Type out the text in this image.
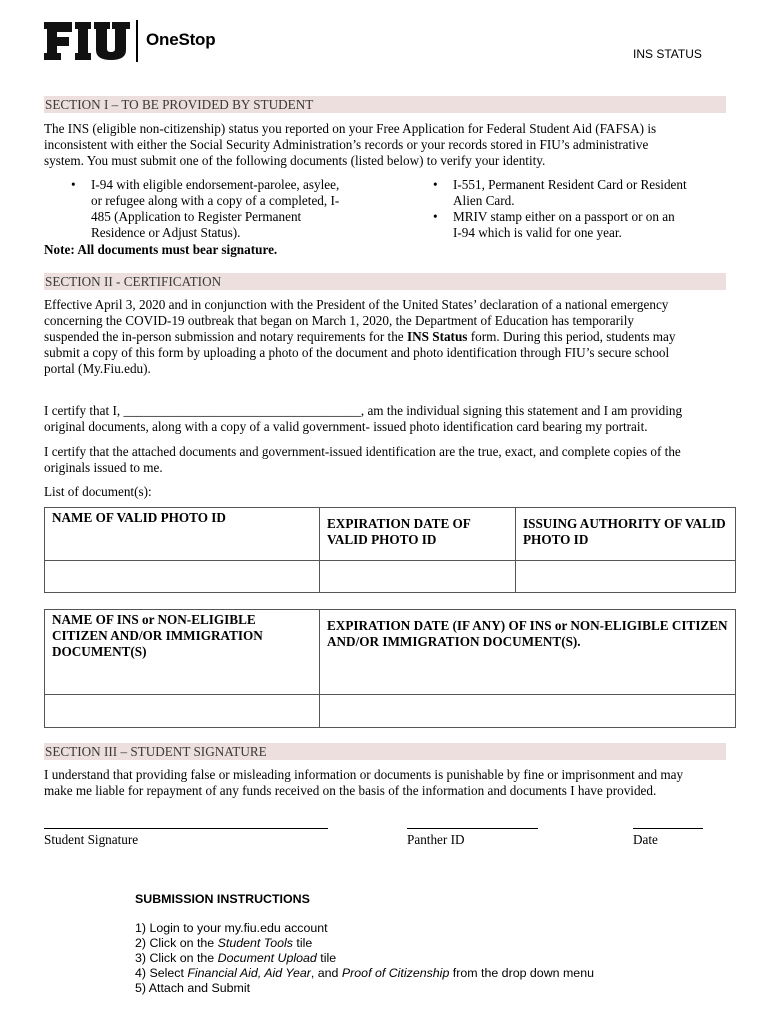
OneStop
INS STATUS
SECTION I – TO BE PROVIDED BY STUDENT
The INS (eligible non-citizenship) status you reported on your Free Application for Federal Student Aid (FAFSA) is
inconsistent with either the Social Security Administration’s records or your records stored in FIU’s administrative
system. You must submit one of the following documents (listed below) to verify your identity.
• I-94 with eligible endorsement-parolee, asylee,
or refugee along with a copy of a completed, I-
485 (Application to Register Permanent
Residence or Adjust Status).
• I-551, Permanent Resident Card or Resident
Alien Card.
• MRIV stamp either on a passport or on an
I-94 which is valid for one year.
Note: All documents must bear signature.
SECTION II - CERTIFICATION
Effective April 3, 2020 and in conjunction with the President of the United States’ declaration of a national emergency
concerning the COVID-19 outbreak that began on March 1, 2020, the Department of Education has temporarily
suspended the in-person submission and notary requirements for the INS Status form. During this period, students may
submit a copy of this form by uploading a photo of the document and photo identification through FIU’s secure school
portal (My.Fiu.edu).
I certify that I, ____________________________________, am the individual signing this statement and I am providing
original documents, along with a copy of a valid government- issued photo identification card bearing my portrait.
I certify that the attached documents and government-issued identification are the true, exact, and complete copies of the
originals issued to me.
List of document(s):
NAME OF VALID PHOTO ID	EXPIRATION DATE OF VALID PHOTO ID	ISSUING AUTHORITY OF VALID PHOTO ID

NAME OF INS or NON-ELIGIBLE CITIZEN AND/OR IMMIGRATION DOCUMENT(S)	EXPIRATION DATE (IF ANY) OF INS or NON-ELIGIBLE CITIZEN AND/OR IMMIGRATION DOCUMENT(S).

SECTION III – STUDENT SIGNATURE
I understand that providing false or misleading information or documents is punishable by fine or imprisonment and may
make me liable for repayment of any funds received on the basis of the information and documents I have provided.
Student Signature	Panther ID	Date
SUBMISSION INSTRUCTIONS
1) Login to your my.fiu.edu account
2) Click on the Student Tools tile
3) Click on the Document Upload tile
4) Select Financial Aid, Aid Year, and Proof of Citizenship from the drop down menu
5) Attach and Submit
